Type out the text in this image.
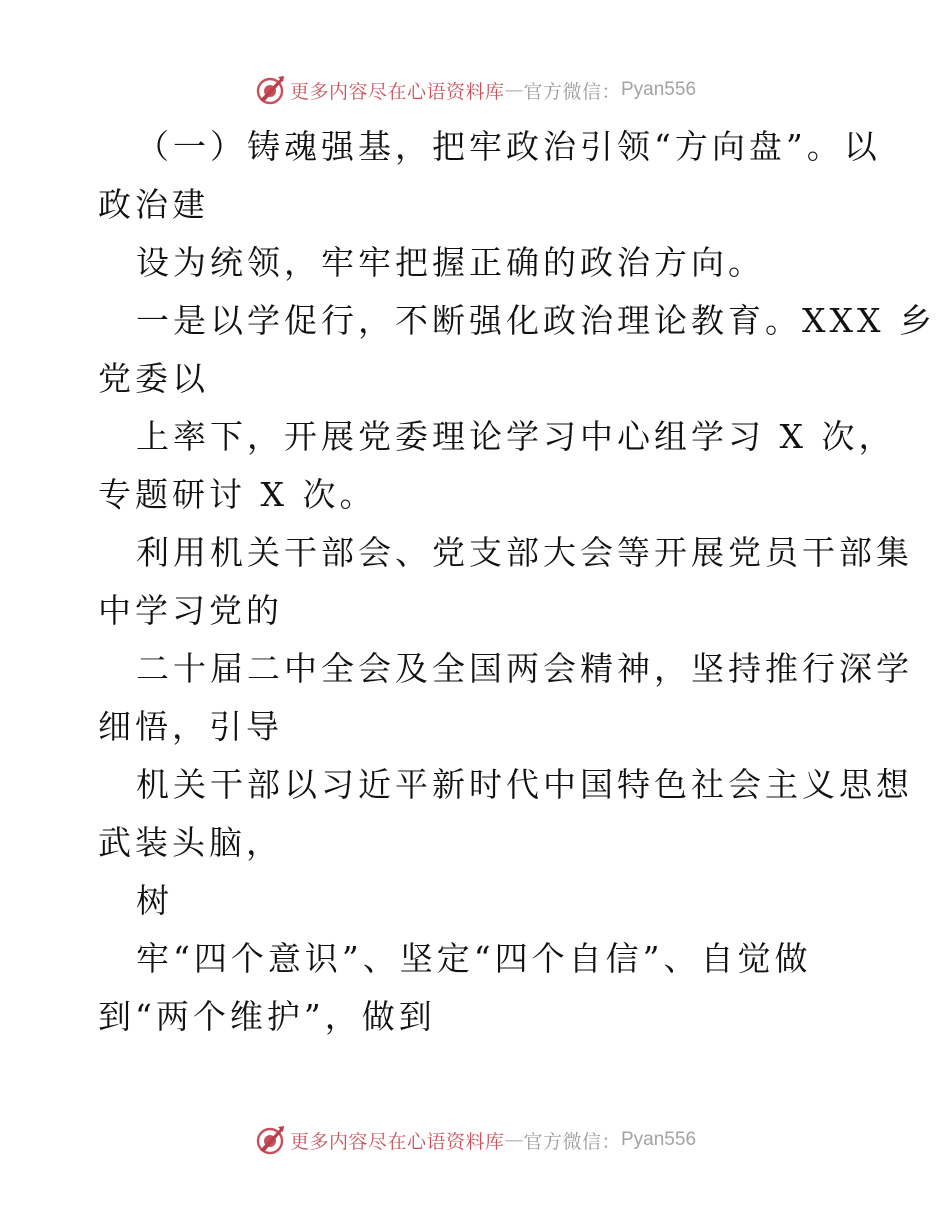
更多内容尽在心语资料库 — 官方微信： Pyan556
（一）铸魂强基，把牢政治引领“方向盘”。以
政治建
设为统领，牢牢把握正确的政治方向。
一是以学促行，不断强化政治理论教育。XXX 乡
党委以
上率下，开展党委理论学习中心组学习 X 次，
专题研讨 X 次。
利用机关干部会、党支部大会等开展党员干部集
中学习党的
二十届二中全会及全国两会精神，坚持推行深学
细悟，引导
机关干部以习近平新时代中国特色社会主义思想
武装头脑，
树
牢“四个意识”、坚定“四个自信”、自觉做
到“两个维护”，做到
更多内容尽在心语资料库 — 官方微信： Pyan556
